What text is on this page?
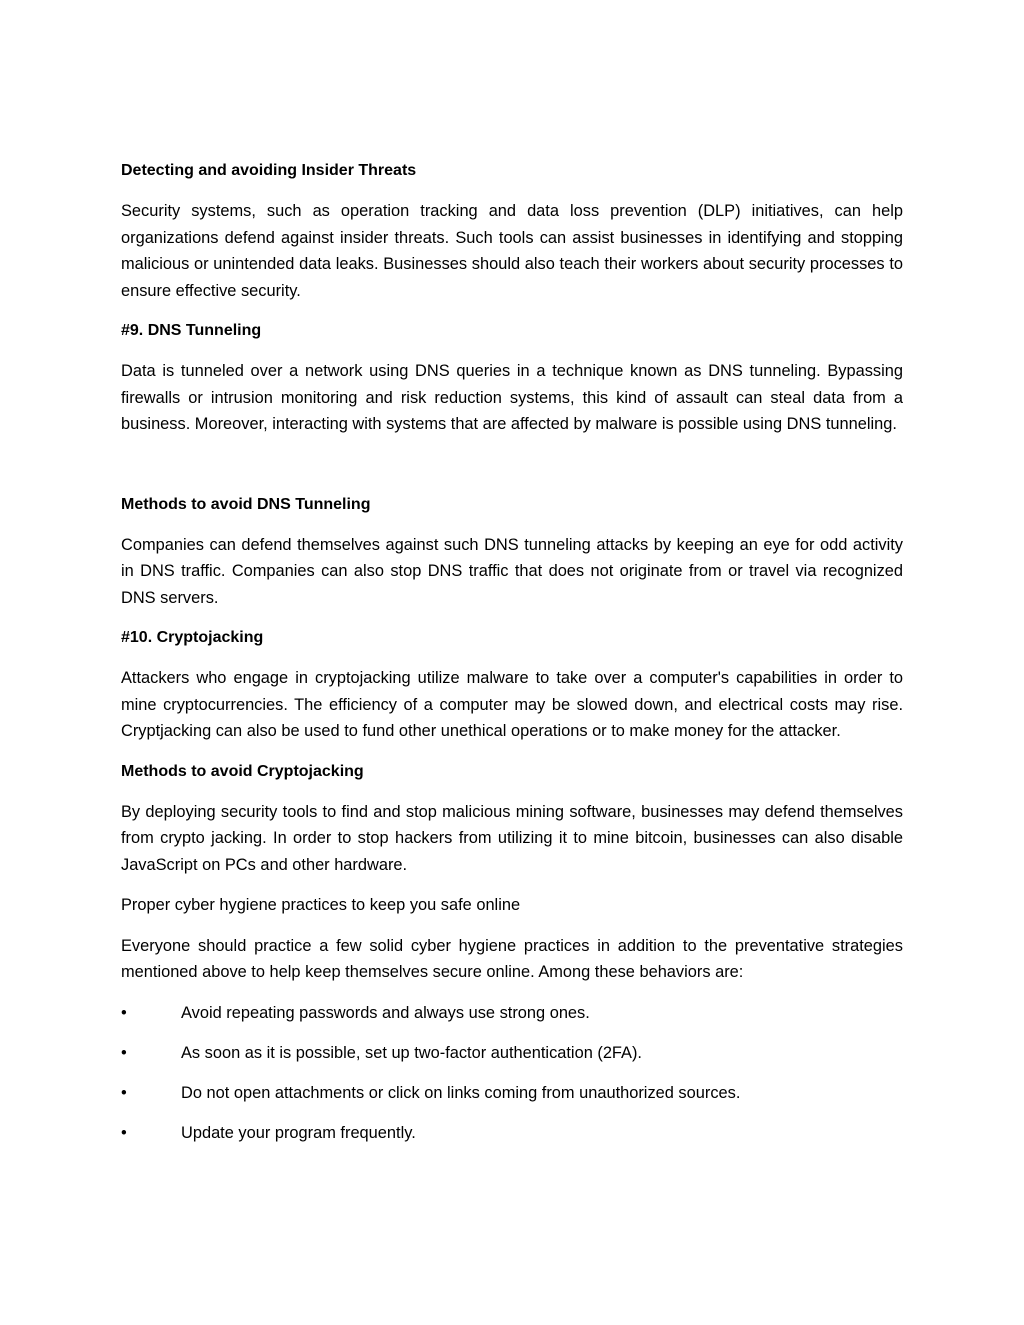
Detecting and avoiding Insider Threats
Security systems, such as operation tracking and data loss prevention (DLP) initiatives, can help organizations defend against insider threats. Such tools can assist businesses in identifying and stopping malicious or unintended data leaks. Businesses should also teach their workers about security processes to ensure effective security.
#9. DNS Tunneling
Data is tunneled over a network using DNS queries in a technique known as DNS tunneling. Bypassing firewalls or intrusion monitoring and risk reduction systems, this kind of assault can steal data from a business. Moreover, interacting with systems that are affected by malware is possible using DNS tunneling.
Methods to avoid DNS Tunneling
Companies can defend themselves against such DNS tunneling attacks by keeping an eye for odd activity in DNS traffic. Companies can also stop DNS traffic that does not originate from or travel via recognized DNS servers.
#10. Cryptojacking
Attackers who engage in cryptojacking utilize malware to take over a computer's capabilities in order to mine cryptocurrencies. The efficiency of a computer may be slowed down, and electrical costs may rise. Cryptjacking can also be used to fund other unethical operations or to make money for the attacker.
Methods to avoid Cryptojacking
By deploying security tools to find and stop malicious mining software, businesses may defend themselves from crypto jacking. In order to stop hackers from utilizing it to mine bitcoin, businesses can also disable JavaScript on PCs and other hardware.
Proper cyber hygiene practices to keep you safe online
Everyone should practice a few solid cyber hygiene practices in addition to the preventative strategies mentioned above to help keep themselves secure online. Among these behaviors are:
•	Avoid repeating passwords and always use strong ones.
•	As soon as it is possible, set up two-factor authentication (2FA).
•	Do not open attachments or click on links coming from unauthorized sources.
•	Update your program frequently.
